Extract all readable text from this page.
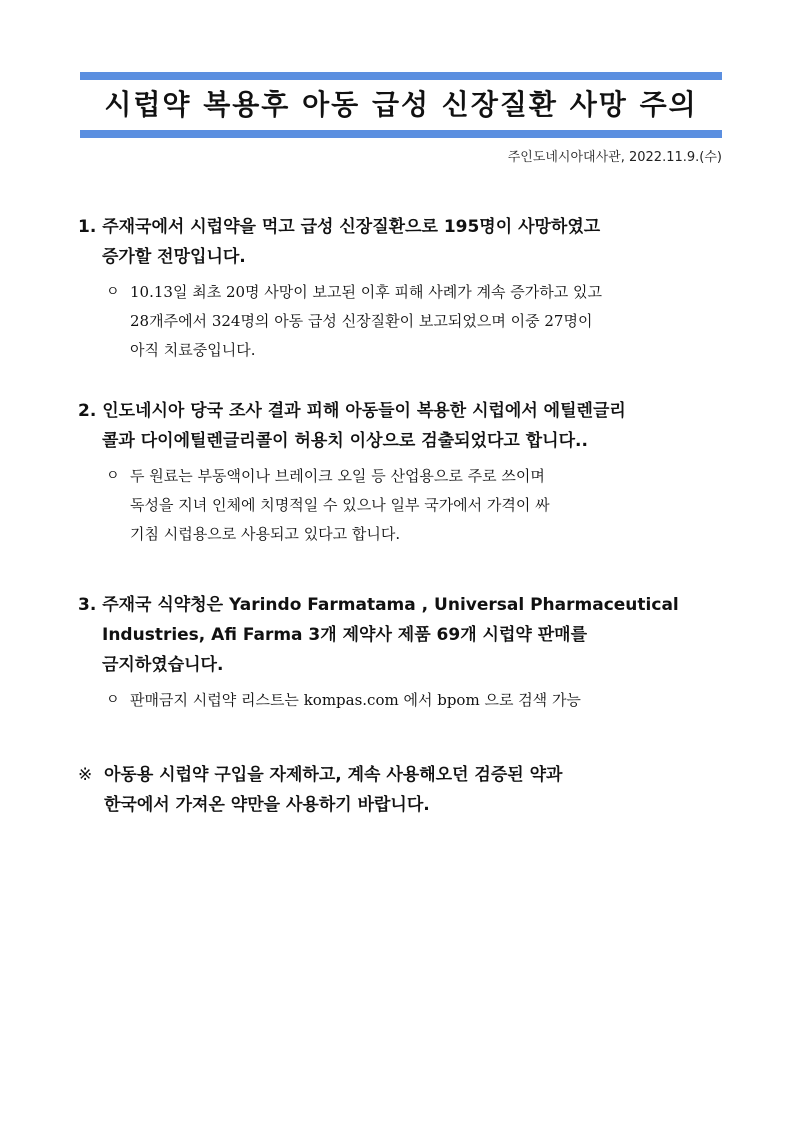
시럽약 복용후 아동 급성 신장질환 사망 주의
주인도네시아대사관, 2022.11.9.(수)
1. 주재국에서 시럽약을 먹고 급성 신장질환으로 195명이 사망하였고
증가할 전망입니다.
ㅇ 10.13일 최초 20명 사망이 보고된 이후 피해 사례가 계속 증가하고 있고
28개주에서 324명의 아동 급성 신장질환이 보고되었으며 이중 27명이
아직 치료중입니다.
2. 인도네시아 당국 조사 결과 피해 아동들이 복용한 시럽에서 에틸렌글리
콜과 다이에틸렌글리콜이 허용치 이상으로 검출되었다고 합니다..
ㅇ 두 원료는 부동액이나 브레이크 오일 등 산업용으로 주로 쓰이며
독성을 지녀 인체에 치명적일 수 있으나 일부 국가에서 가격이 싸
기침 시럽용으로 사용되고 있다고 합니다.
3. 주재국 식약청은 Yarindo Farmatama , Universal Pharmaceutical
Industries, Afi Farma 3개 제약사 제품 69개 시럽약 판매를
금지하였습니다.
ㅇ 판매금지 시럽약 리스트는 kompas.com 에서 bpom 으로 검색 가능
※ 아동용 시럽약 구입을 자제하고, 계속 사용해오던 검증된 약과
한국에서 가져온 약만을 사용하기 바랍니다.
